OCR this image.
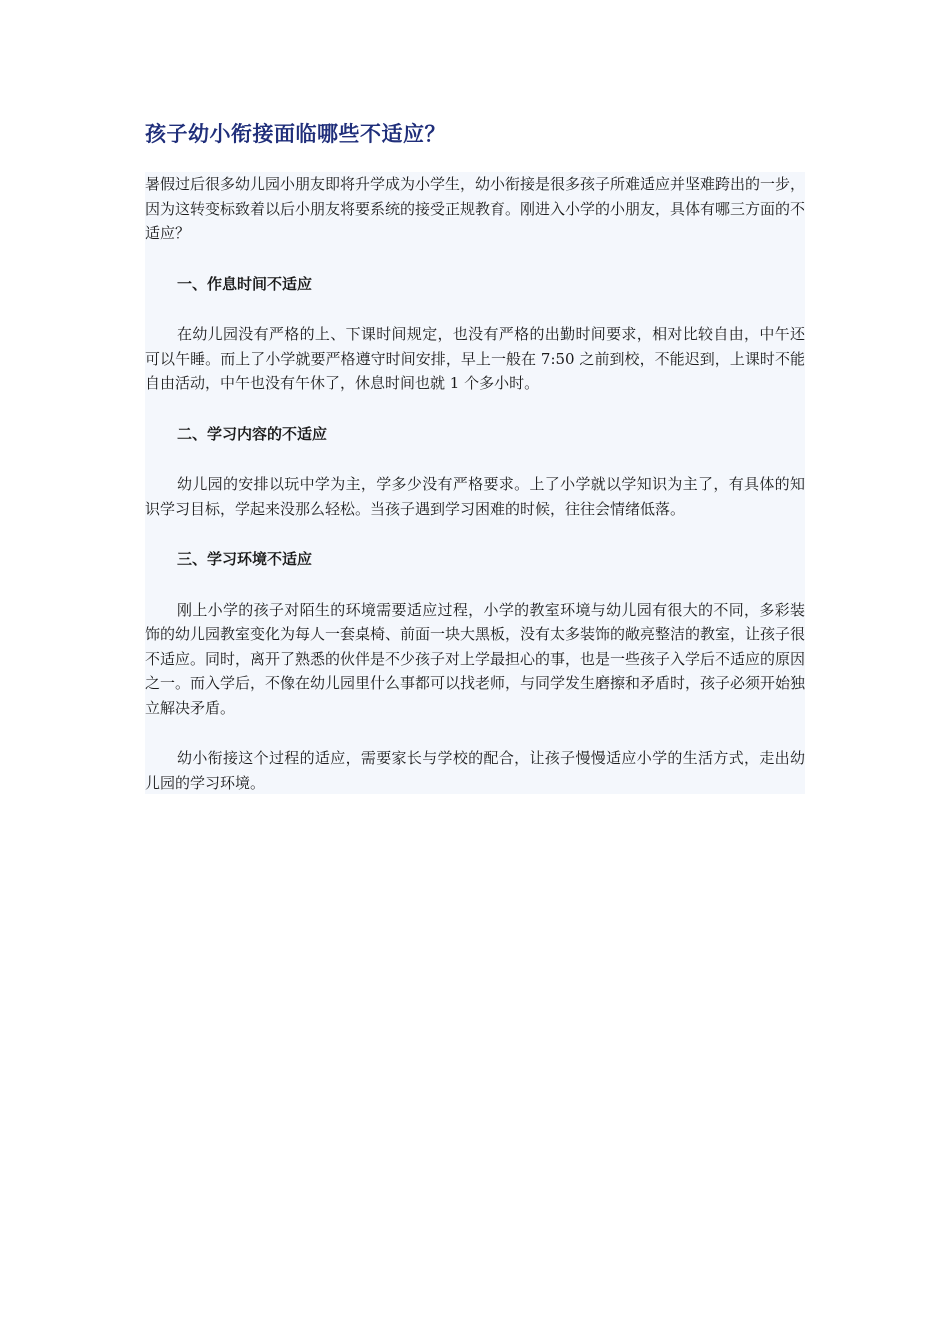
孩子幼小衔接面临哪些不适应？

暑假过后很多幼儿园小朋友即将升学成为小学生，幼小衔接是很多孩子所难适应并坚难跨出的一步，因为这转变标致着以后小朋友将要系统的接受正规教育。刚进入小学的小朋友，具体有哪三方面的不适应？

一、作息时间不适应

在幼儿园没有严格的上、下课时间规定，也没有严格的出勤时间要求，相对比较自由，中午还可以午睡。而上了小学就要严格遵守时间安排，早上一般在 7:50 之前到校，不能迟到，上课时不能自由活动，中午也没有午休了，休息时间也就 1 个多小时。

二、学习内容的不适应

幼儿园的安排以玩中学为主，学多少没有严格要求。上了小学就以学知识为主了，有具体的知识学习目标，学起来没那么轻松。当孩子遇到学习困难的时候，往往会情绪低落。

三、学习环境不适应

刚上小学的孩子对陌生的环境需要适应过程，小学的教室环境与幼儿园有很大的不同，多彩装饰的幼儿园教室变化为每人一套桌椅、前面一块大黑板，没有太多装饰的敞亮整洁的教室，让孩子很不适应。同时，离开了熟悉的伙伴是不少孩子对上学最担心的事，也是一些孩子入学后不适应的原因之一。而入学后，不像在幼儿园里什么事都可以找老师，与同学发生磨擦和矛盾时，孩子必须开始独立解决矛盾。

幼小衔接这个过程的适应，需要家长与学校的配合，让孩子慢慢适应小学的生活方式，走出幼儿园的学习环境。
